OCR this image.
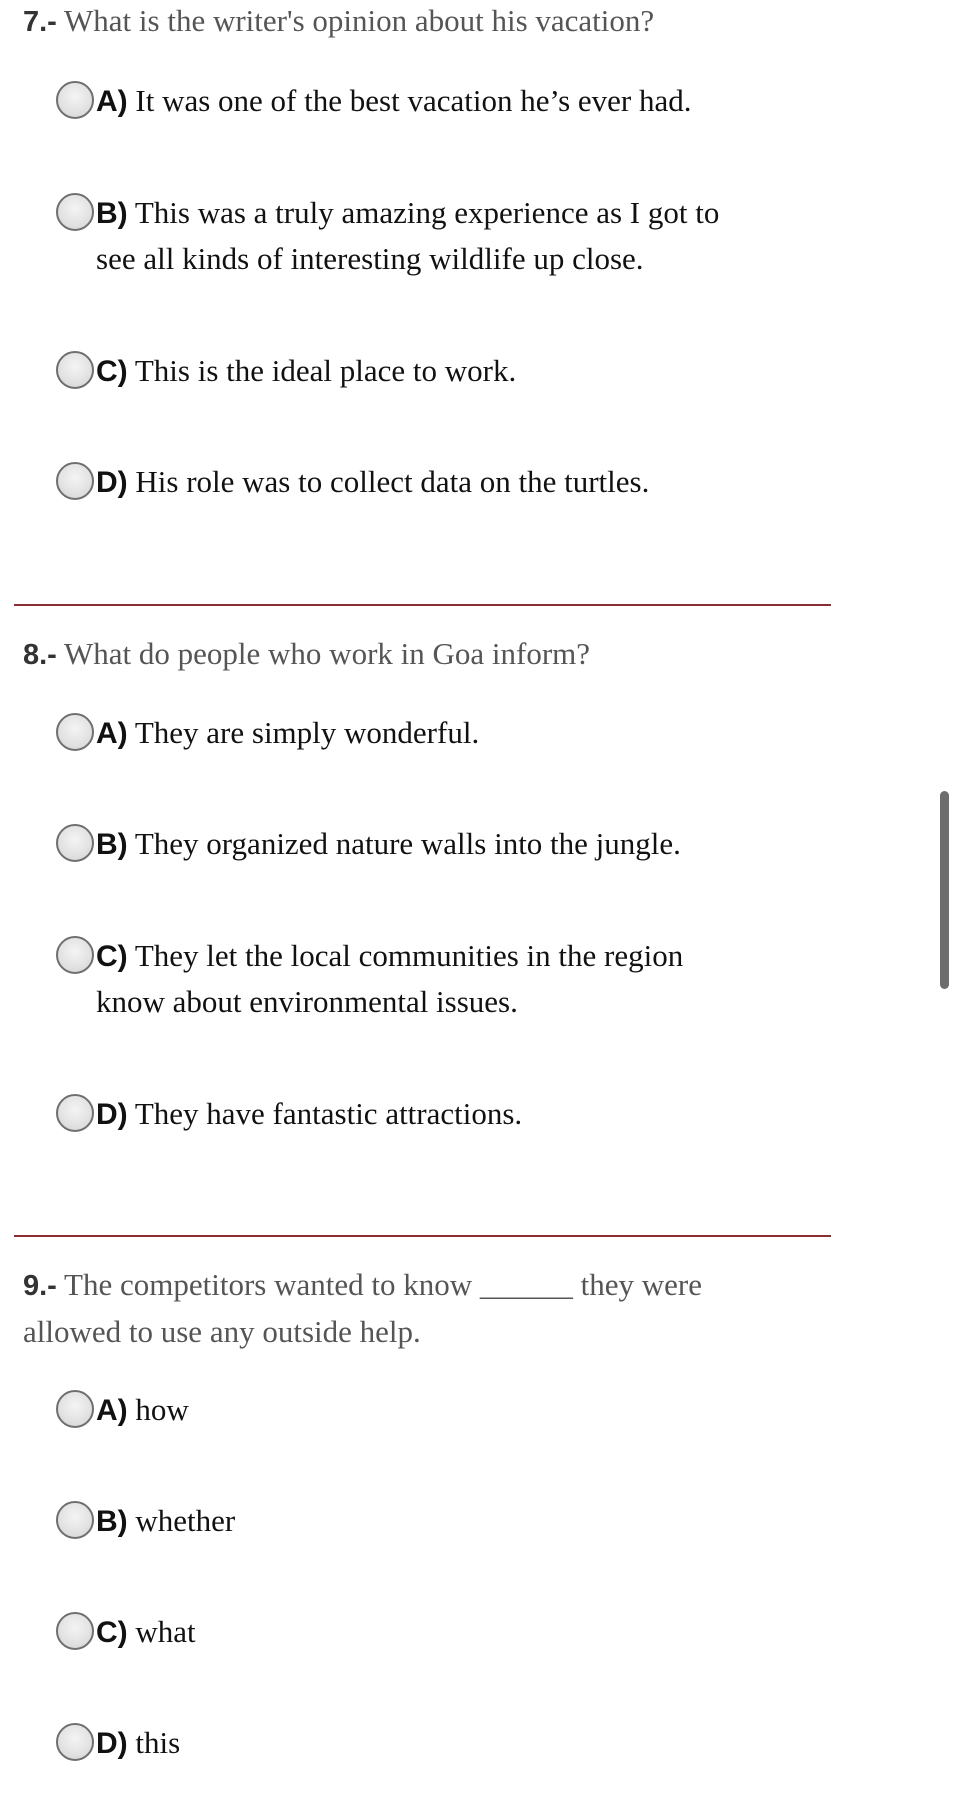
7.- What is the writer's opinion about his vacation?
A) It was one of the best vacation he’s ever had.
B) This was a truly amazing experience as I got to see all kinds of interesting wildlife up close.
C) This is the ideal place to work.
D) His role was to collect data on the turtles.
8.- What do people who work in Goa inform?
A) They are simply wonderful.
B) They organized nature walls into the jungle.
C) They let the local communities in the region know about environmental issues.
D) They have fantastic attractions.
9.- The competitors wanted to know ______ they were allowed to use any outside help.
A) how
B) whether
C) what
D) this
